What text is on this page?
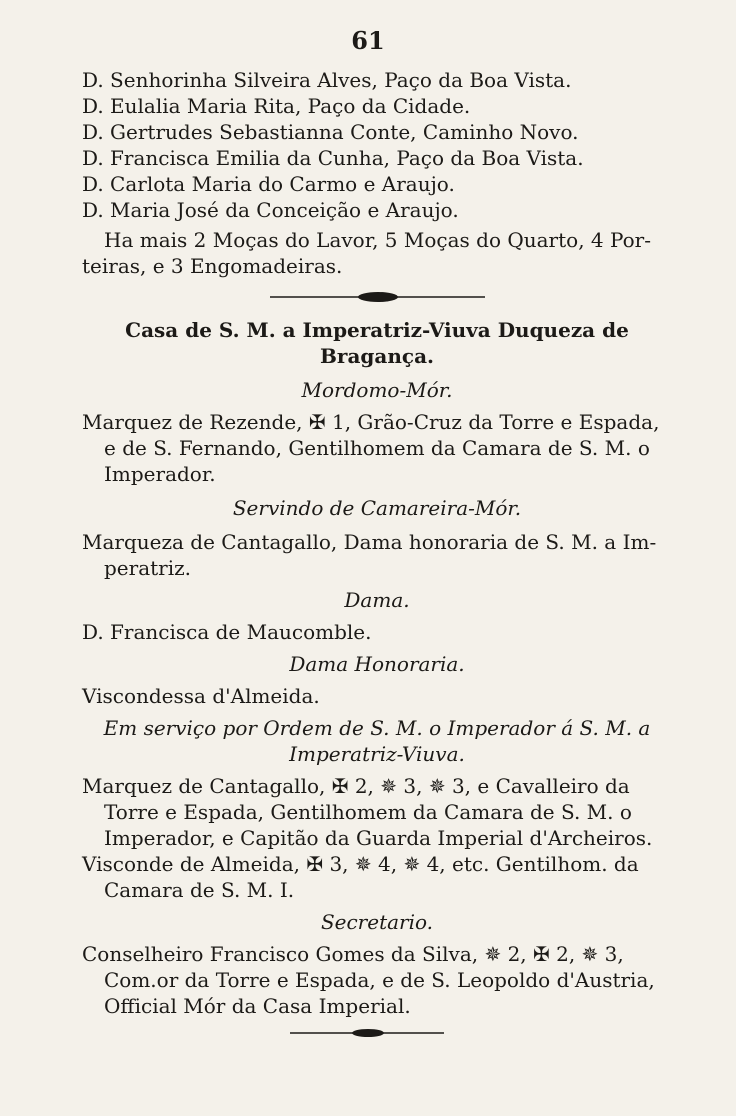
61
D. Senhorinha Silveira Alves, Paço da Boa Vista.
D. Eulalia Maria Rita, Paço da Cidade.
D. Gertrudes Sebastianna Conte, Caminho Novo.
D. Francisca Emilia da Cunha, Paço da Boa Vista.
D. Carlota Maria do Carmo e Araujo.
D. Maria José da Conceição e Araujo.
Ha mais 2 Moças do Lavor, 5 Moças do Quarto, 4 Por-
teiras, e 3 Engomadeiras.
Casa de S. M. a Imperatriz-Viuva Duqueza de
Bragança.
Mordomo-Mór.
Marquez de Rezende, ✠ 1, Grão-Cruz da Torre e Espada,
e de S. Fernando, Gentilhomem da Camara de S. M. o
Imperador.
Servindo de Camareira-Mór.
Marqueza de Cantagallo, Dama honoraria de S. M. a Im-
peratriz.
Dama.
D. Francisca de Maucomble.
Dama Honoraria.
Viscondessa d'Almeida.
Em serviço por Ordem de S. M. o Imperador á S. M. a
Imperatriz-Viuva.
Marquez de Cantagallo, ✠ 2, ✵ 3, ✵ 3, e Cavalleiro da
Torre e Espada, Gentilhomem da Camara de S. M. o
Imperador, e Capitão da Guarda Imperial d'Archeiros.
Visconde de Almeida, ✠ 3, ✵ 4, ✵ 4, etc. Gentilhom. da
Camara de S. M. I.
Secretario.
Conselheiro Francisco Gomes da Silva, ✵ 2, ✠ 2, ✵ 3,
Com.or da Torre e Espada, e de S. Leopoldo d'Austria,
Official Mór da Casa Imperial.
